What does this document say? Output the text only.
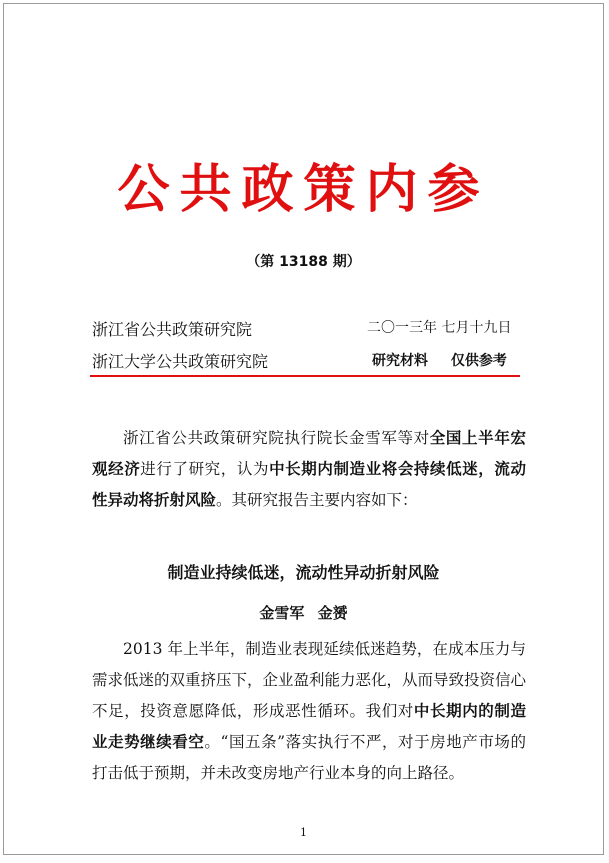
公共政策内参
（第 13188 期）
浙江省公共政策研究院	二〇一三年 七月十九日
浙江大学公共政策研究院	研究材料 仅供参考

浙江省公共政策研究院执行院长金雪军等对全国上半年宏观经济进行了研究，认为中长期内制造业将会持续低迷，流动性异动将折射风险。其研究报告主要内容如下：

制造业持续低迷，流动性异动折射风险
金雪军 金赟

2013 年上半年，制造业表现延续低迷趋势，在成本压力与需求低迷的双重挤压下，企业盈利能力恶化，从而导致投资信心不足，投资意愿降低，形成恶性循环。我们对中长期内的制造业走势继续看空。“国五条”落实执行不严，对于房地产市场的打击低于预期，并未改变房地产行业本身的向上路径。

1
